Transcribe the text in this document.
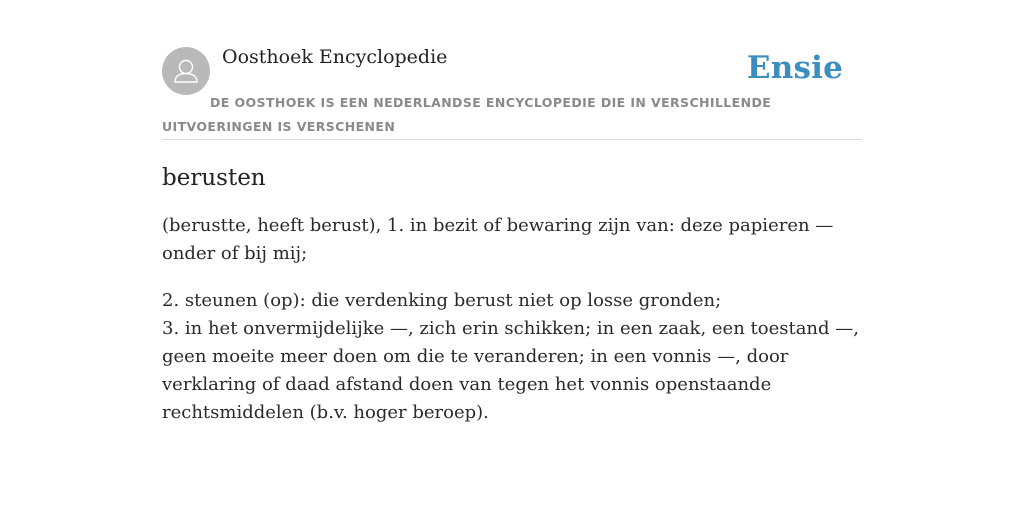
Oosthoek Encyclopedie	Ensie
DE OOSTHOEK IS EEN NEDERLANDSE ENCYCLOPEDIE DIE IN VERSCHILLENDE UITVOERINGEN IS VERSCHENEN
berusten

(berustte, heeft berust), 1. in bezit of bewaring zijn van: deze papieren — onder of bij mij;

2. steunen (op): die verdenking berust niet op losse gronden;
3. in het onvermijdelijke —, zich erin schikken; in een zaak, een toestand —, geen moeite meer doen om die te veranderen; in een vonnis —, door verklaring of daad afstand doen van tegen het vonnis openstaande rechtsmiddelen (b.v. hoger beroep).
